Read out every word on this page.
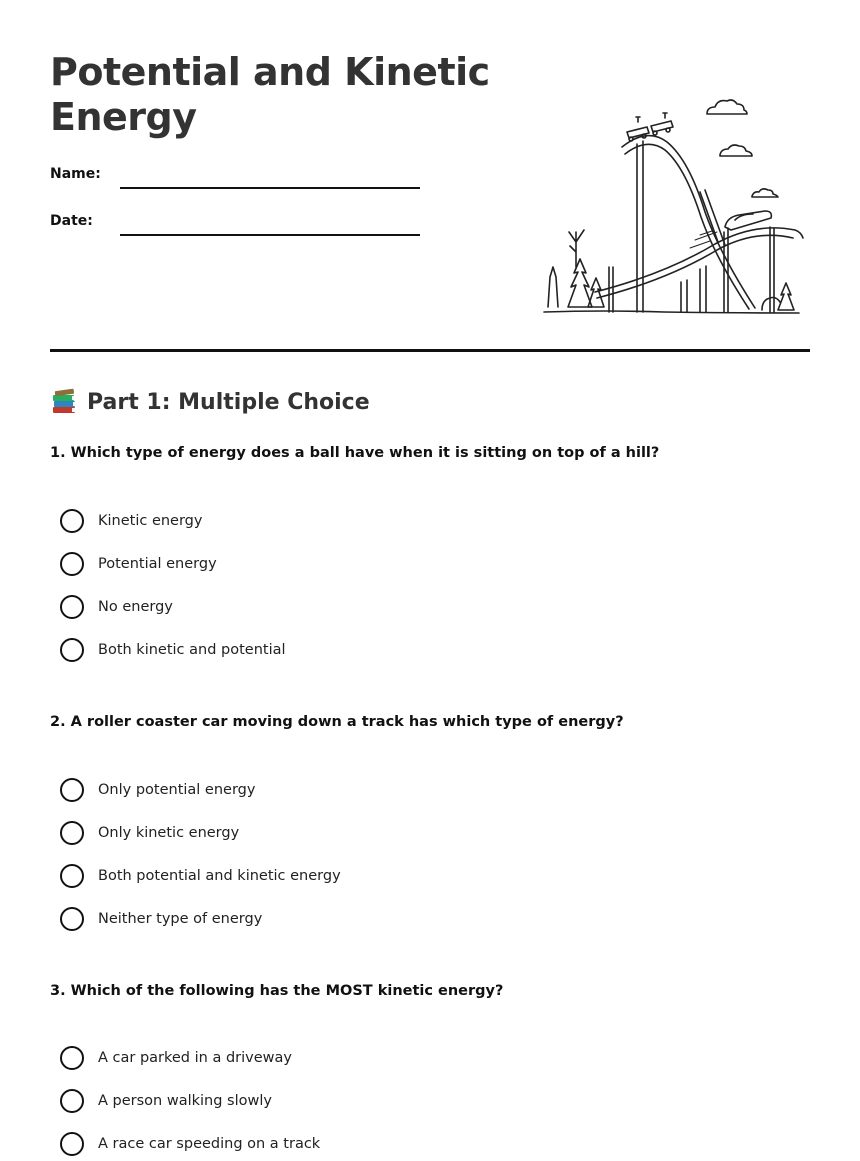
Potential and Kinetic Energy
Name:
Date:
Part 1: Multiple Choice
1. Which type of energy does a ball have when it is sitting on top of a hill?
Kinetic energy
Potential energy
No energy
Both kinetic and potential
2. A roller coaster car moving down a track has which type of energy?
Only potential energy
Only kinetic energy
Both potential and kinetic energy
Neither type of energy
3. Which of the following has the MOST kinetic energy?
A car parked in a driveway
A person walking slowly
A race car speeding on a track
